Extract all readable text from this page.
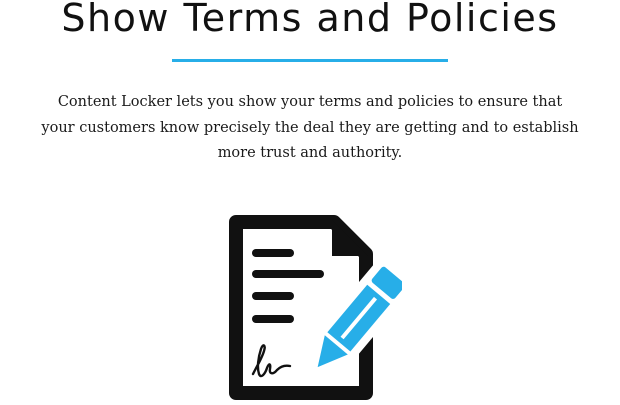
Show Terms and Policies

Content Locker lets you show your terms and policies to ensure that your customers know precisely the deal they are getting and to establish more trust and authority.
